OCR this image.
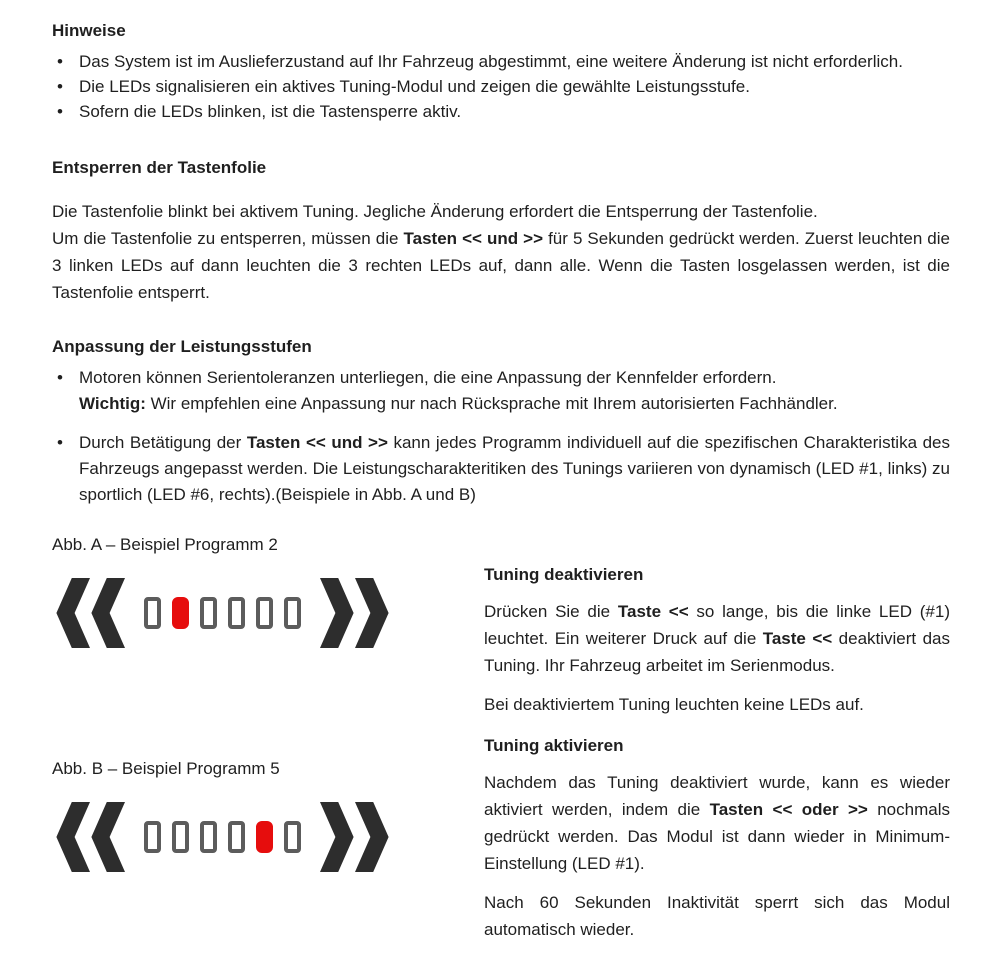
Hinweise
• Das System ist im Auslieferzustand auf Ihr Fahrzeug abgestimmt, eine weitere Änderung ist nicht erforderlich.
• Die LEDs signalisieren ein aktives Tuning-Modul und zeigen die gewählte Leistungsstufe.
• Sofern die LEDs blinken, ist die Tastensperre aktiv.
Entsperren der Tastenfolie
Die Tastenfolie blinkt bei aktivem Tuning. Jegliche Änderung erfordert die Entsperrung der Tastenfolie.
Um die Tastenfolie zu entsperren, müssen die Tasten << und >> für 5 Sekunden gedrückt werden. Zuerst leuchten die 3 linken LEDs auf dann leuchten die 3 rechten LEDs auf, dann alle. Wenn die Tasten losgelassen werden, ist die Tastenfolie entsperrt.
Anpassung der Leistungsstufen
• Motoren können Serientoleranzen unterliegen, die eine Anpassung der Kennfelder erfordern.
Wichtig: Wir empfehlen eine Anpassung nur nach Rücksprache mit Ihrem autorisierten Fachhändler.
• Durch Betätigung der Tasten << und >> kann jedes Programm individuell auf die spezifischen Charakteristika des Fahrzeugs angepasst werden. Die Leistungscharakteritiken des Tunings variieren von dynamisch (LED #1, links) zu sportlich (LED #6, rechts).(Beispiele in Abb. A und B)
Abb. A – Beispiel Programm 2
Abb. B – Beispiel Programm 5
Tuning deaktivieren

Drücken Sie die Taste << so lange, bis die linke LED (#1) leuchtet. Ein weiterer Druck auf die Taste << deaktiviert das Tuning. Ihr Fahrzeug arbeitet im Serienmodus.

Bei deaktiviertem Tuning leuchten keine LEDs auf.

Tuning aktivieren

Nachdem das Tuning deaktiviert wurde, kann es wieder aktiviert werden, indem die Tasten << oder >> nochmals gedrückt werden. Das Modul ist dann wieder in Minimum-Einstellung (LED #1).

Nach 60 Sekunden Inaktivität sperrt sich das Modul automatisch wieder.
